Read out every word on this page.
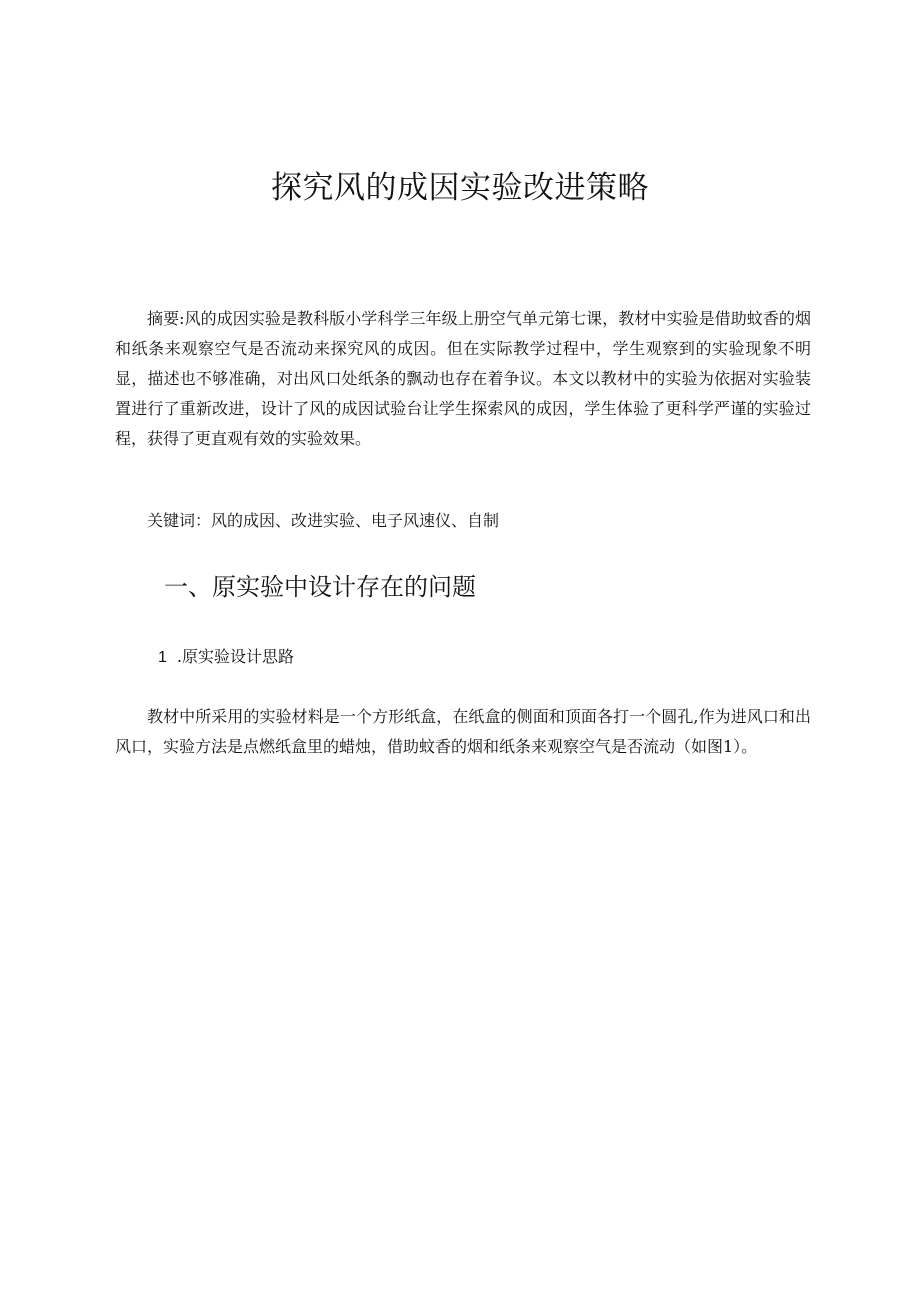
探究风的成因实验改进策略

摘要:风的成因实验是教科版小学科学三年级上册空气单元第七课，教材中实验是借助蚊香的烟和纸条来观察空气是否流动来探究风的成因。但在实际教学过程中，学生观察到的实验现象不明显，描述也不够准确，对出风口处纸条的飘动也存在着争议。本文以教材中的实验为依据对实验装置进行了重新改进，设计了风的成因试验台让学生探索风的成因，学生体验了更科学严谨的实验过程，获得了更直观有效的实验效果。

关键词：风的成因、改进实验、电子风速仪、自制

一、原实验中设计存在的问题
1 .原实验设计思路

教材中所采用的实验材料是一个方形纸盒，在纸盒的侧面和顶面各打一个圆孔,作为进风口和出风口，实验方法是点燃纸盒里的蜡烛，借助蚊香的烟和纸条来观察空气是否流动（如图1）。
